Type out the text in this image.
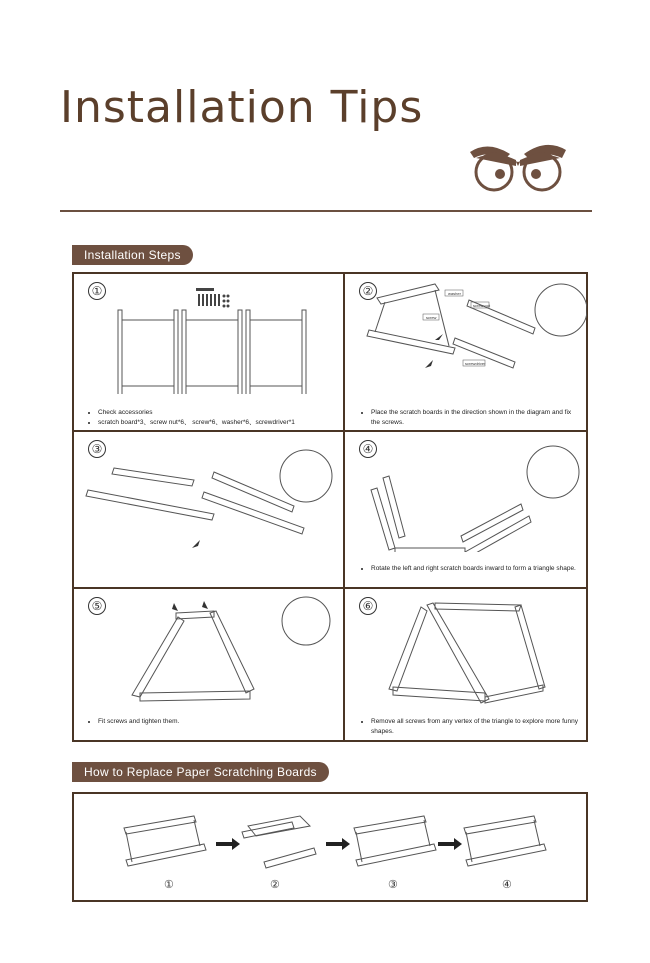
Installation Tips
Installation Steps
①
• Check accessories
• scratch board*3、screw nut*6、 screw*6、washer*6、screwdriver*1
②	washer
screw nut
screw
screwdriver
• Place the scratch boards in the direction shown in the diagram and fix the screws.
③	④
• Rotate the left and right scratch boards inward to form a triangle shape.
⑤
• Fit screws and tighten them.
⑥
• Remove all screws from any vertex of the triangle to explore more funny shapes.
How to Replace Paper Scratching Boards
①	②	③	④
